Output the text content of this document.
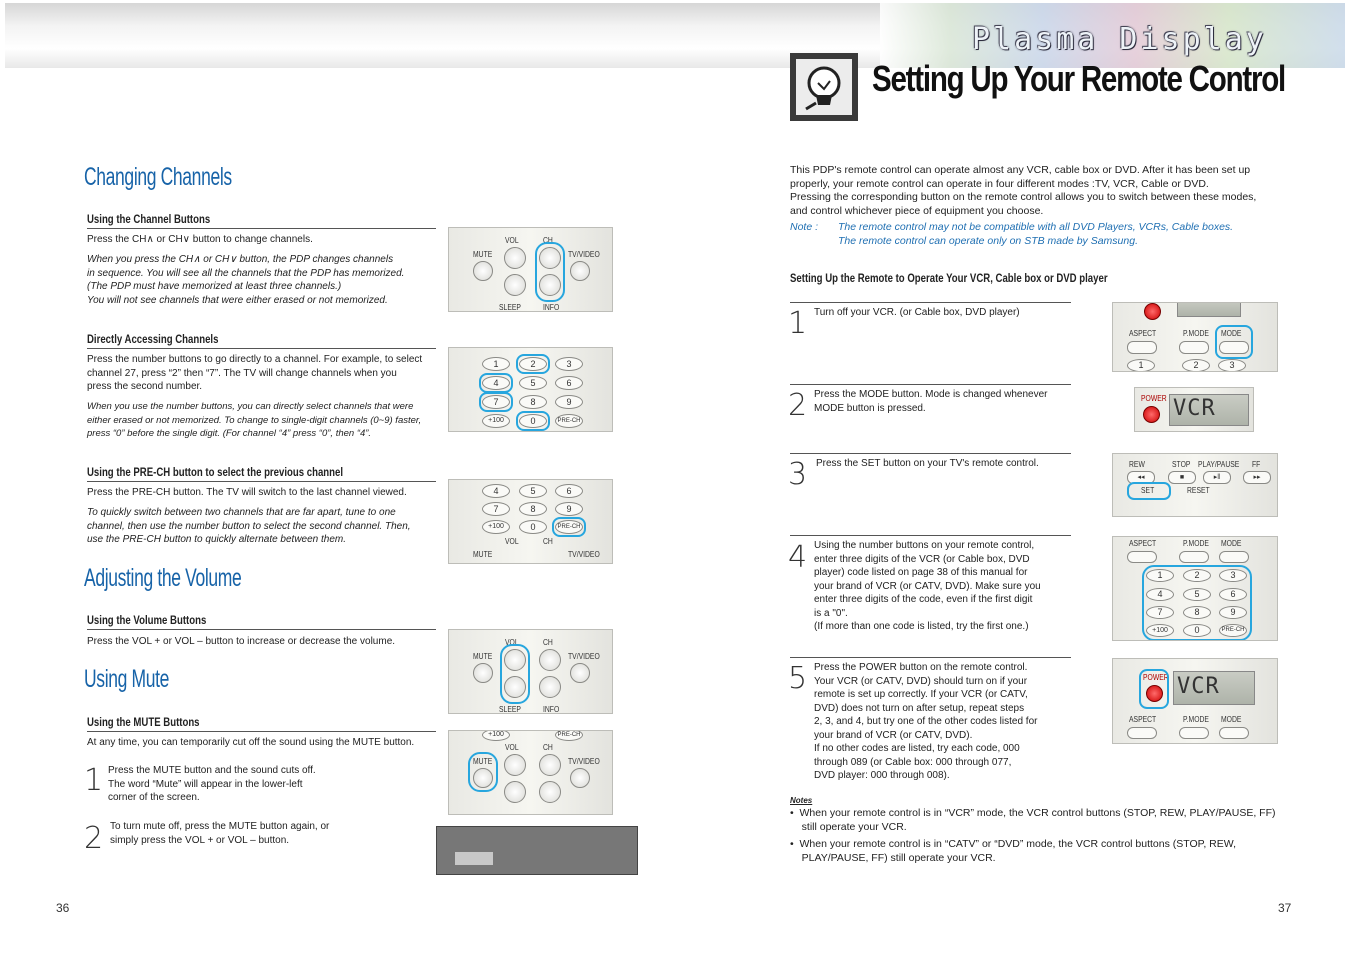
Plasma Display
Setting Up Your Remote Control
Changing Channels
Using the Channel Buttons
Press the CH∧ or CH∨ button to change channels.
When you press the CH∧ or CH∨ button, the PDP changes channels
in sequence. You will see all the channels that the PDP has memorized.
(The PDP must have memorized at least three channels.)
You will not see channels that were either erased or not memorized.
Directly Accessing Channels
Press the number buttons to go directly to a channel. For example, to select
channel 27, press “2” then “7”. The TV will change channels when you
press the second number.
When you use the number buttons, you can directly select channels that were
either erased or not memorized. To change to single-digit channels (0~9) faster,
press “0” before the single digit. (For channel “4” press “0”, then “4”.
Using the PRE-CH button to select the previous channel
Press the PRE-CH button. The TV will switch to the last channel viewed.
To quickly switch between two channels that are far apart, tune to one
channel, then use the number button to select the second channel. Then,
use the PRE-CH button to quickly alternate between them.
Adjusting the Volume
Using the Volume Buttons
Press the VOL + or VOL – button to increase or decrease the volume.
Using Mute
Using the MUTE Buttons
At any time, you can temporarily cut off the sound using the MUTE button.
1 Press the MUTE button and the sound cuts off.
The word “Mute” will appear in the lower-left
corner of the screen.
2 To turn mute off, press the MUTE button again, or
simply press the VOL + or VOL – button.
36
MUTE
VOL	CH
TV/VIDEO
SLEEP	INFO
1	2	3
4	5	6
7	8	9
+100	0	PRE-CH
4	5	6
7	8	9
+100	0	PRE-CH
MUTE
VOL	CH
TV/VIDEO
MUTE
VOL	CH
TV/VIDEO
SLEEP	INFO
+100	PRE-CH
MUTE
VOL	CH
TV/VIDEO
This PDP's remote control can operate almost any VCR, cable box or DVD. After it has been set up
properly, your remote control can operate in four different modes :TV, VCR, Cable or DVD.
Pressing the corresponding button on the remote control allows you to switch between these modes,
and control whichever piece of equipment you choose.
Note : The remote control may not be compatible with all DVD Players, VCRs, Cable boxes.
The remote control can operate only on STB made by Samsung.
Setting Up the Remote to Operate Your VCR, Cable box or DVD player
1 Turn off your VCR. (or Cable box, DVD player)
2 Press the MODE button. Mode is changed whenever
MODE button is pressed.
3 Press the SET button on your TV's remote control.
4 Using the number buttons on your remote control,
enter three digits of the VCR (or Cable box, DVD
player) code listed on page 38 of this manual for
your brand of VCR (or CATV, DVD). Make sure you
enter three digits of the code, even if the first digit
is a "0".
(If more than one code is listed, try the first one.)
5 Press the POWER button on the remote control.
Your VCR (or CATV, DVD) should turn on if your
remote is set up correctly. If your VCR (or CATV,
DVD) does not turn on after setup, repeat steps
2, 3, and 4, but try one of the other codes listed for
your brand of VCR (or CATV, DVD).
If no other codes are listed, try each code, 000
through 089 (or Cable box: 000 through 077,
DVD player: 000 through 008).
Notes
•  When your remote control is in “VCR” mode, the VCR control buttons (STOP, REW, PLAY/PAUSE, FF)
still operate your VCR.
•  When your remote control is in “CATV” or “DVD” mode, the VCR control buttons (STOP, REW,
PLAY/PAUSE, FF) still operate your VCR.
37
ASPECT	P.MODE MODE
1	2	3
POWER VCR
REW	STOP PLAY/PAUSE FF
◂◂	■	▸‖	▸▸
SET	RESET
ASPECT	P.MODE MODE
1	2	3
4	5	6
7	8	9
+100	0	PRE-CH
POWER VCR
ASPECT	P.MODE MODE
